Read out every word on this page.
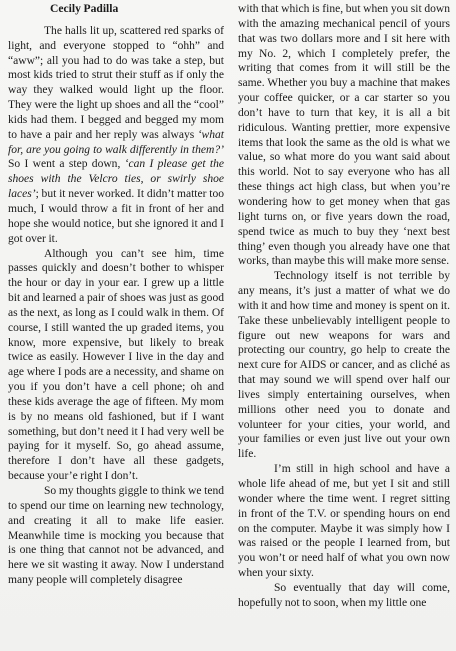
Cecily Padilla

The halls lit up, scattered red sparks of light, and everyone stopped to “ohh” and “aww”; all you had to do was take a step, but most kids tried to strut their stuff as if only the way they walked would light up the floor. They were the light up shoes and all the “cool” kids had them. I begged and begged my mom to have a pair and her reply was always ‘what for, are you going to walk differently in them?’ So I went a step down, ‘can I please get the shoes with the Velcro ties, or swirly shoe laces’; but it never worked. It didn’t matter too much, I would throw a fit in front of her and hope she would notice, but she ignored it and I got over it.

Although you can’t see him, time passes quickly and doesn’t bother to whisper the hour or day in your ear. I grew up a little bit and learned a pair of shoes was just as good as the next, as long as I could walk in them. Of course, I still wanted the up graded items, you know, more expensive, but likely to break twice as easily. However I live in the day and age where I pods are a necessity, and shame on you if you don’t have a cell phone; oh and these kids average the age of fifteen. My mom is by no means old fashioned, but if I want something, but don’t need it I had very well be paying for it myself. So, go ahead assume, therefore I don’t have all these gadgets, because your’e right I don’t.

So my thoughts giggle to think we tend to spend our time on learning new technology, and creating it all to make life easier. Meanwhile time is mocking you because that is one thing that cannot not be advanced, and here we sit wasting it away. Now I understand many people will completely disagree

with that which is fine, but when you sit down with the amazing mechanical pencil of yours that was two dollars more and I sit here with my No. 2, which I completely prefer, the writing that comes from it will still be the same. Whether you buy a machine that makes your coffee quicker, or a car starter so you don’t have to turn that key, it is all a bit ridiculous. Wanting prettier, more expensive items that look the same as the old is what we value, so what more do you want said about this world. Not to say everyone who has all these things act high class, but when you’re wondering how to get money when that gas light turns on, or five years down the road, spend twice as much to buy they ‘next best thing’ even though you already have one that works, than maybe this will make more sense.

Technology itself is not terrible by any means, it’s just a matter of what we do with it and how time and money is spent on it. Take these unbelievably intelligent people to figure out new weapons for wars and protecting our country, go help to create the next cure for AIDS or cancer, and as cliché as that may sound we will spend over half our lives simply entertaining ourselves, when millions other need you to donate and volunteer for your cities, your world, and your families or even just live out your own life.

I’m still in high school and have a whole life ahead of me, but yet I sit and still wonder where the time went. I regret sitting in front of the T.V. or spending hours on end on the computer. Maybe it was simply how I was raised or the people I learned from, but you won’t or need half of what you own now when your sixty.

So eventually that day will come, hopefully not to soon, when my little one
